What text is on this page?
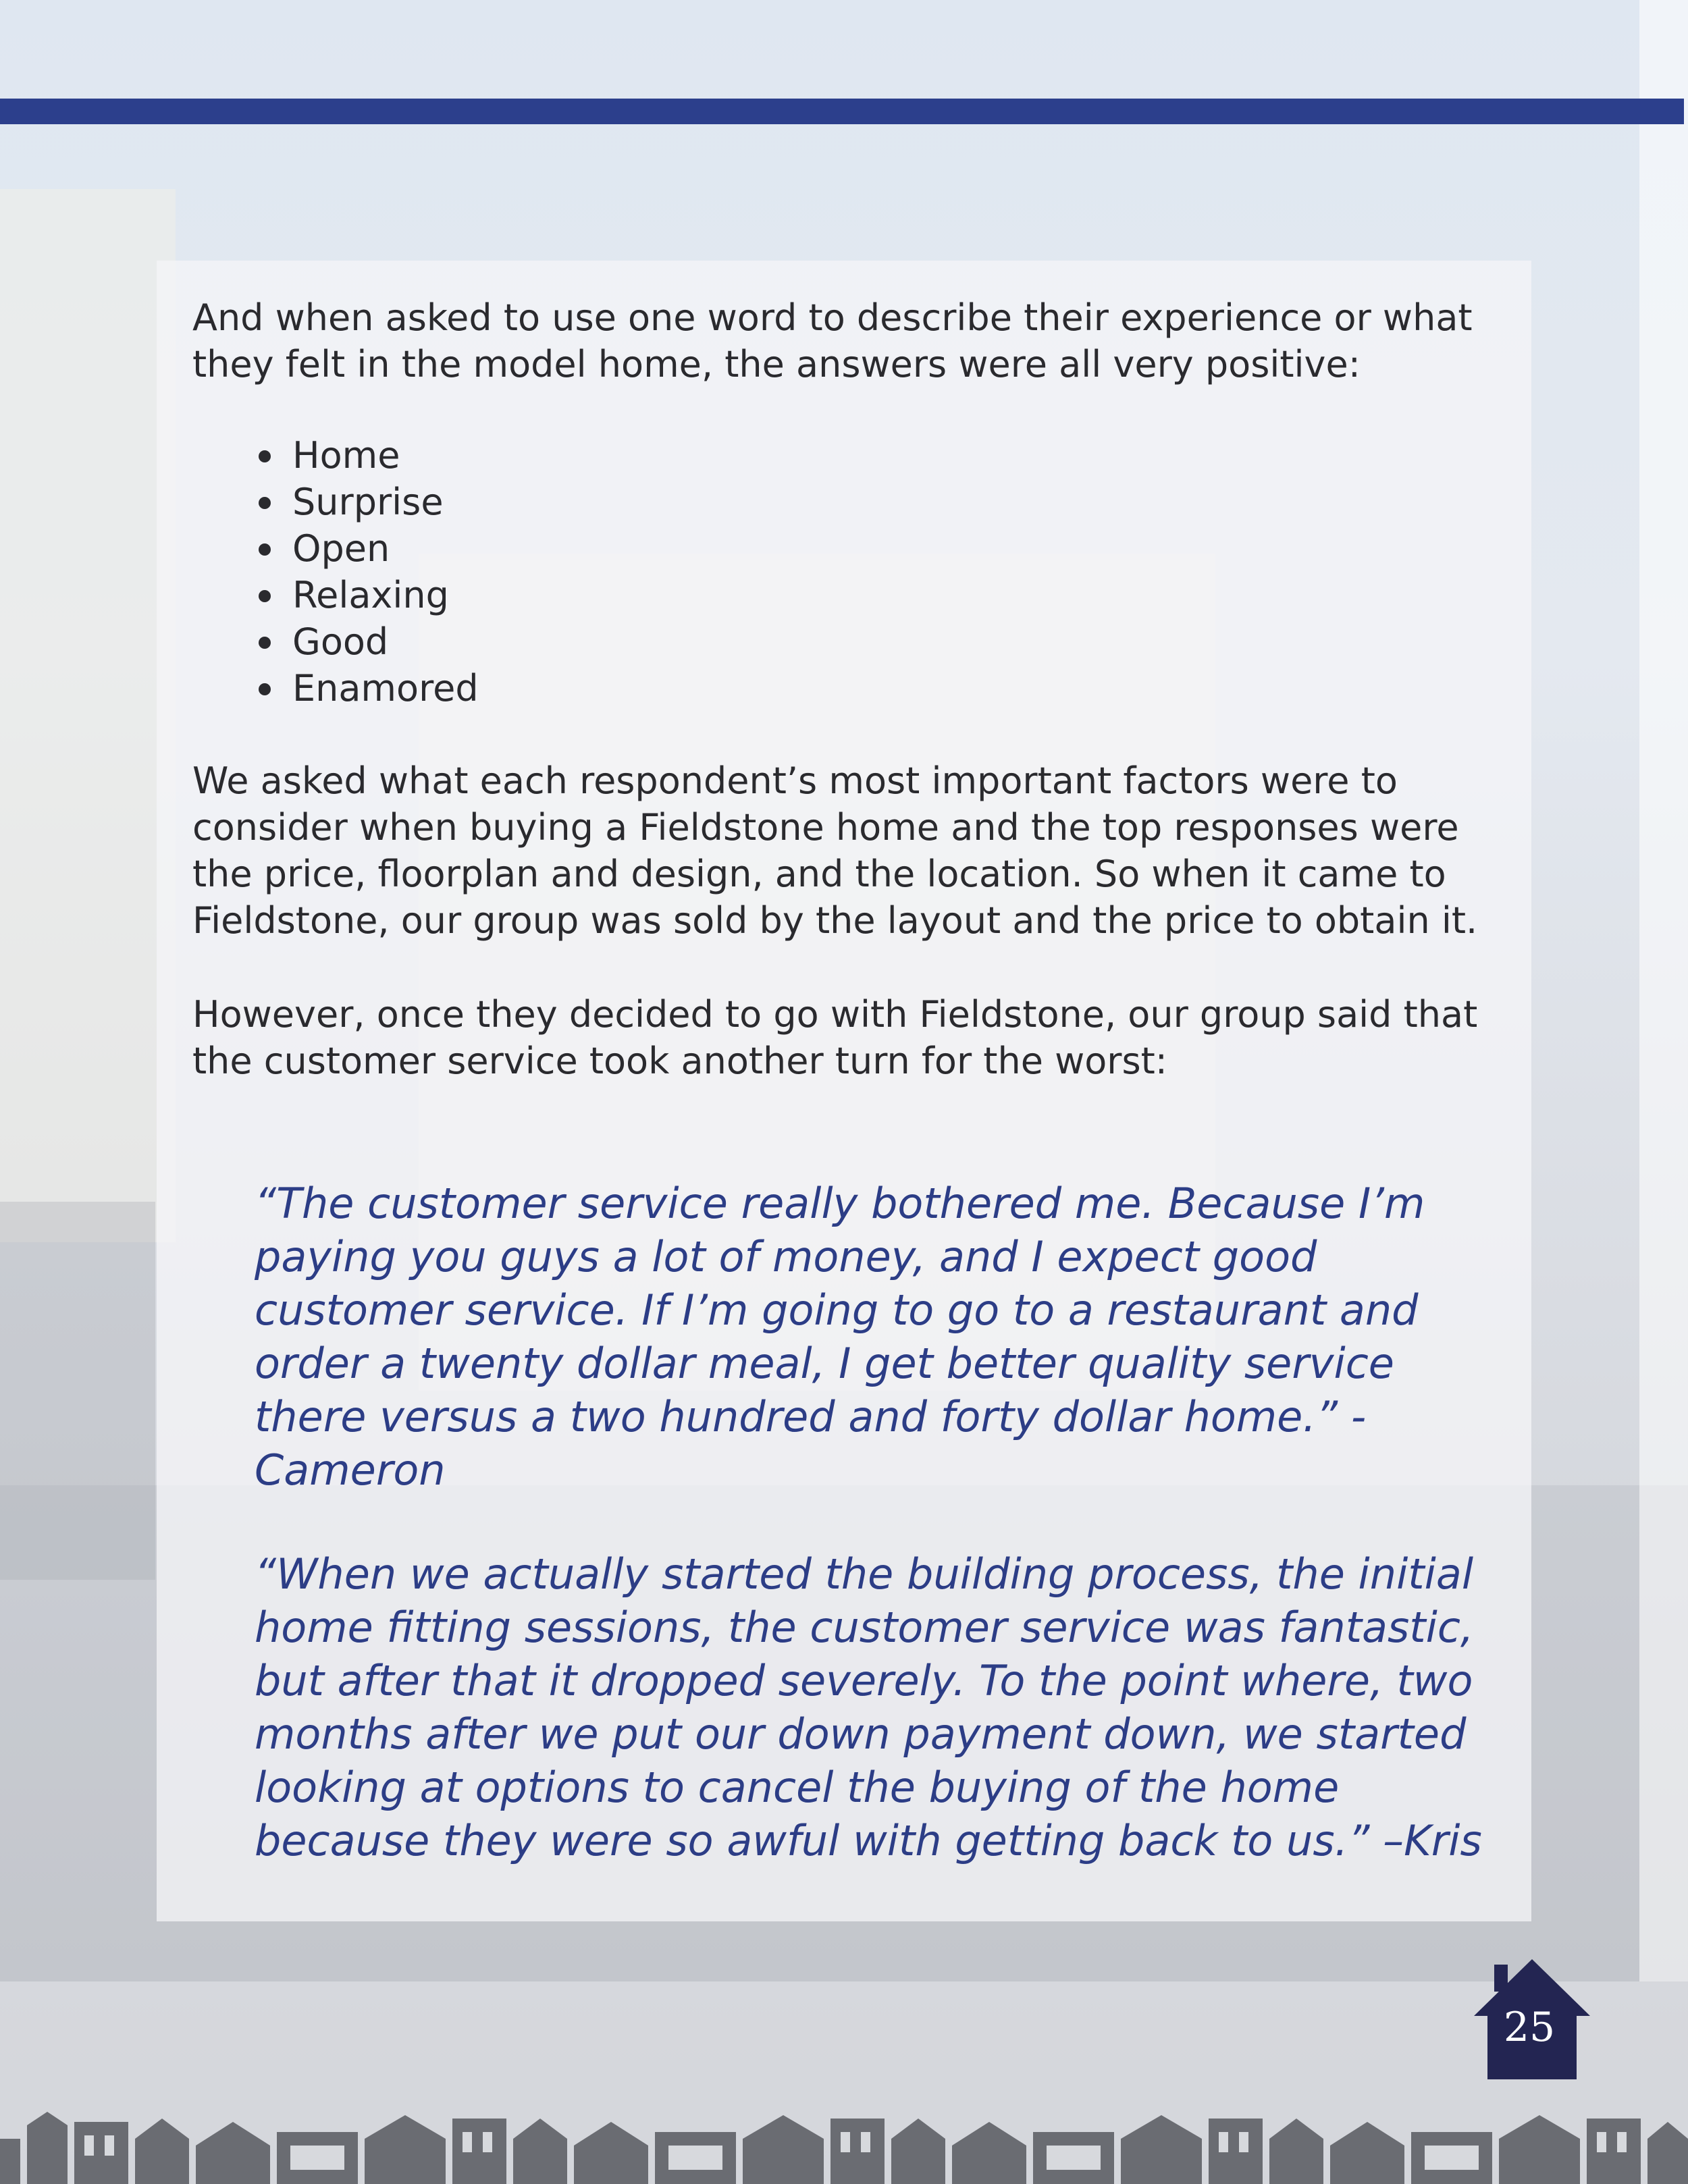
And when asked to use one word to describe their experience or what they felt in the model home, the answers were all very positive:

Home
Surprise
Open
Relaxing
Good
Enamored

We asked what each respondent’s most important factors were to consider when buying a Fieldstone home and the top responses were the price, floorplan and design, and the location. So when it came to Fieldstone, our group was sold by the layout and the price to obtain it.

However, once they decided to go with Fieldstone, our group said that the customer service took another turn for the worst:

“The customer service really bothered me. Because I’m paying you guys a lot of money, and I expect good customer service. If I’m going to go to a restaurant and order a twenty dollar meal, I get better quality service there versus a two hundred and forty dollar home.” - Cameron

“When we actually started the building process, the initial home fitting sessions, the customer service was fantastic, but after that it dropped severely. To the point where, two months after we put our down payment down, we started looking at options to cancel the buying of the home because they were so awful with getting back to us.” –Kris

25
